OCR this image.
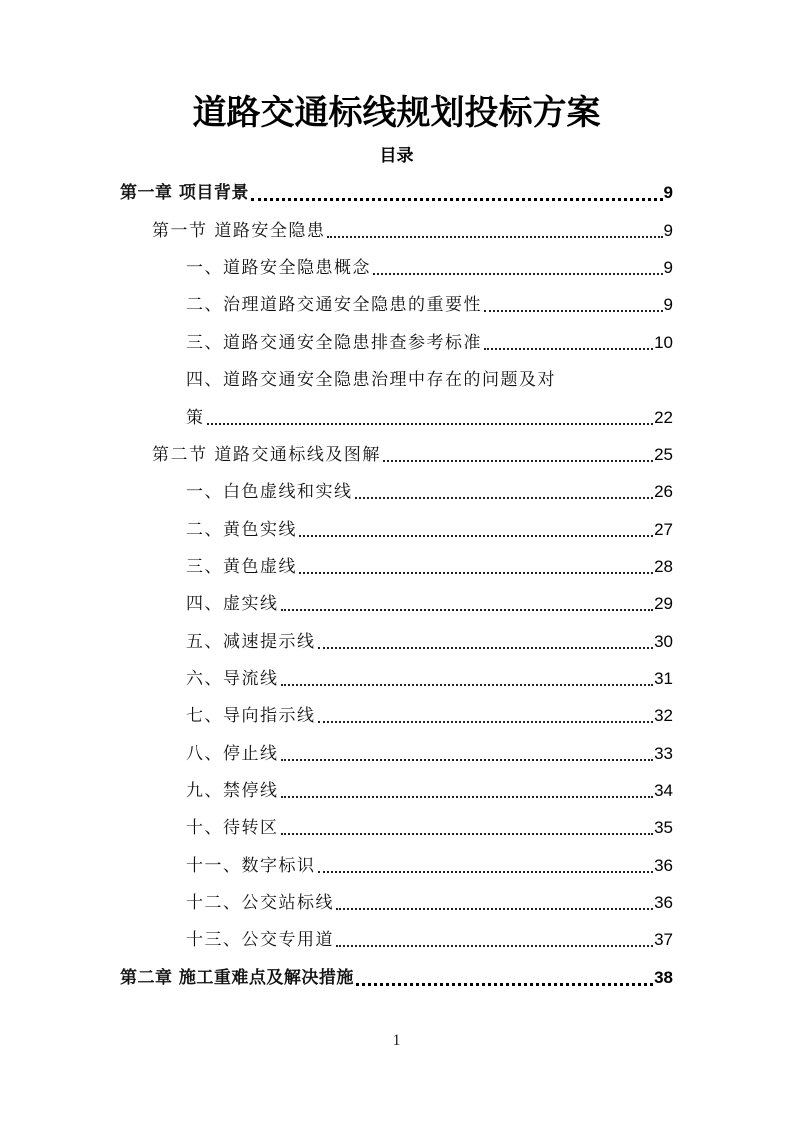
道路交通标线规划投标方案
目录
第一章 项目背景	9
第一节 道路安全隐患	9
一、道路安全隐患概念	9
二、治理道路交通安全隐患的重要性	9
三、道路交通安全隐患排查参考标准	10
四、道路交通安全隐患治理中存在的问题及对
策	22
第二节 道路交通标线及图解	25
一、白色虚线和实线	26
二、黄色实线	27
三、黄色虚线	28
四、虚实线	29
五、减速提示线	30
六、导流线	31
七、导向指示线	32
八、停止线	33
九、禁停线	34
十、待转区	35
十一、数字标识	36
十二、公交站标线	36
十三、公交专用道	37
第二章 施工重难点及解决措施	38
1
